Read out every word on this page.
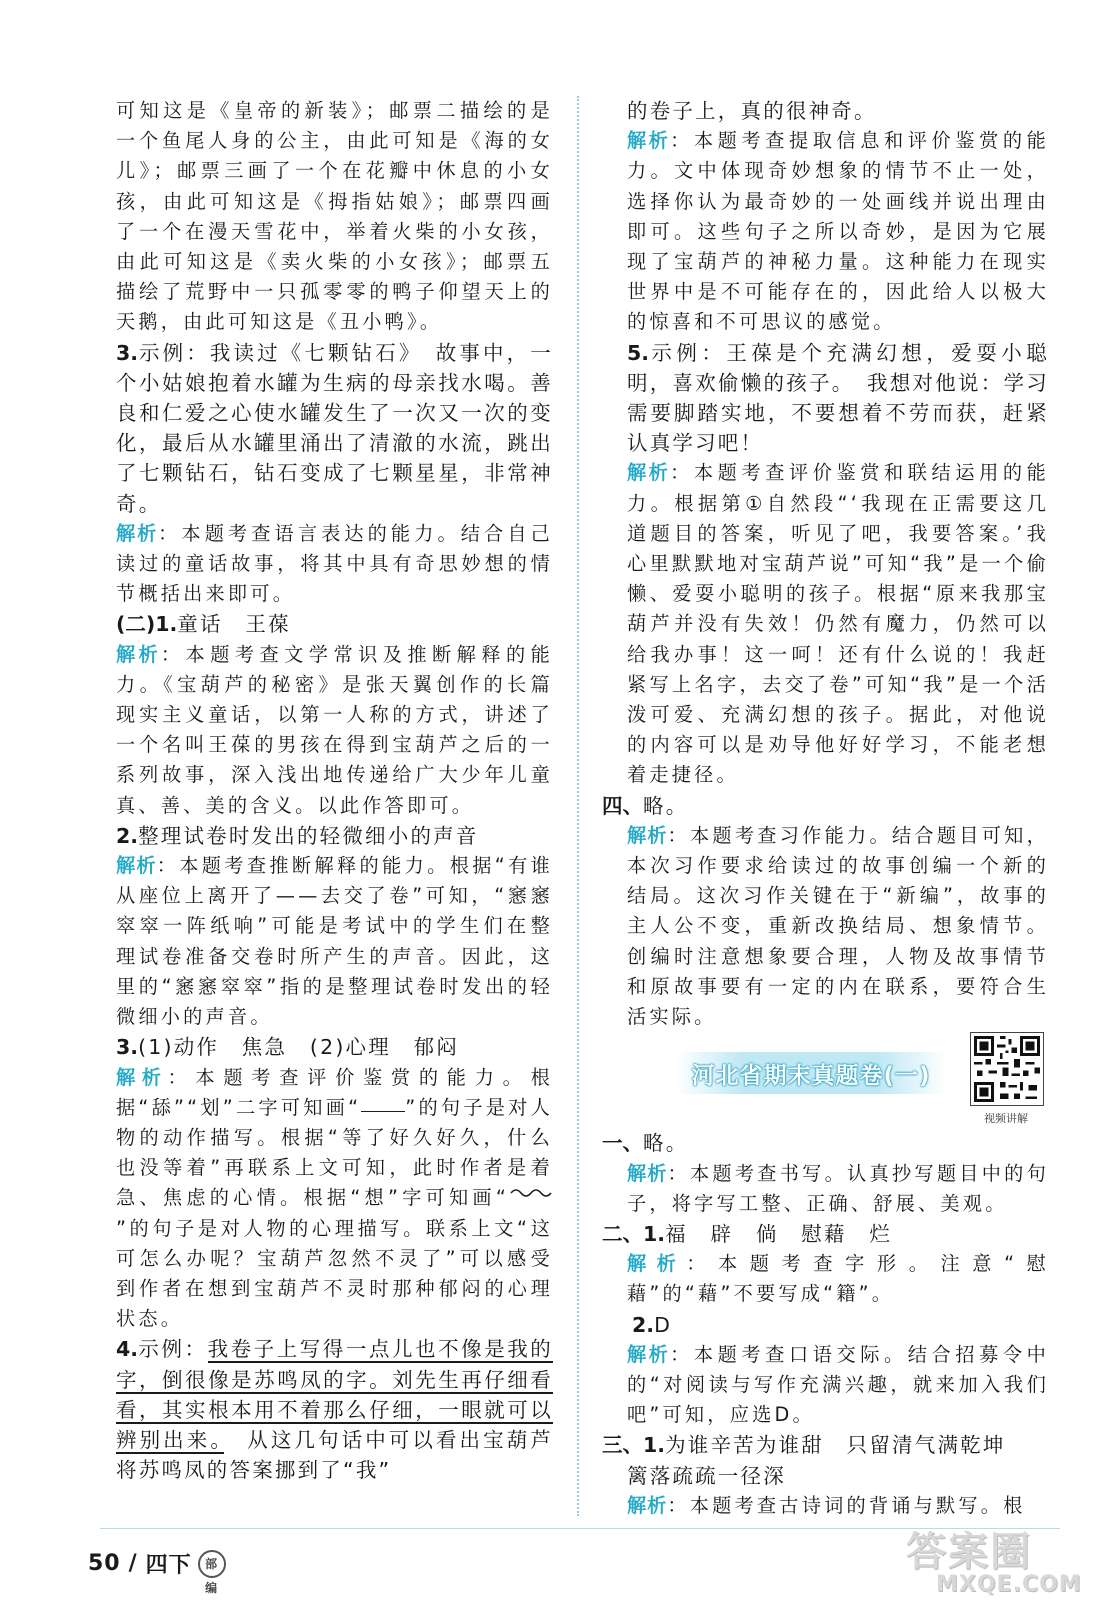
可知这是《皇帝的新装》；邮票二描绘的是一个鱼尾人身的公主，由此可知是《海的女儿》；邮票三画了一个在花瓣中休息的小女孩，由此可知这是《拇指姑娘》；邮票四画了一个在漫天雪花中，举着火柴的小女孩，由此可知这是《卖火柴的小女孩》；邮票五描绘了荒野中一只孤零零的鸭子仰望天上的天鹅，由此可知这是《丑小鸭》。

3.示例：我读过《七颗钻石》　故事中，一个小姑娘抱着水罐为生病的母亲找水喝。善良和仁爱之心使水罐发生了一次又一次的变化，最后从水罐里涌出了清澈的水流，跳出了七颗钻石，钻石变成了七颗星星，非常神奇。

解析：本题考查语言表达的能力。结合自己读过的童话故事，将其中具有奇思妙想的情节概括出来即可。

(二)1.童话　王葆

解析：本题考查文学常识及推断解释的能力。《宝葫芦的秘密》是张天翼创作的长篇现实主义童话，以第一人称的方式，讲述了一个名叫王葆的男孩在得到宝葫芦之后的一系列故事，深入浅出地传递给广大少年儿童真、善、美的含义。以此作答即可。

2.整理试卷时发出的轻微细小的声音

解析：本题考查推断解释的能力。根据“有谁从座位上离开了——去交了卷”可知，“窸窸窣窣一阵纸响”可能是考试中的学生们在整理试卷准备交卷时所产生的声音。因此，这里的“窸窸窣窣”指的是整理试卷时发出的轻微细小的声音。

3.(1)动作　焦急　(2)心理　郁闷

解析：本题考查评价鉴赏的能力。根据“舔”“划”二字可知画“ ”的句子是对人物的动作描写。根据“等了好久好久，什么也没等着”再联系上文可知，此时作者是着急、焦虑的心情。根据“想”字可知画“”的句子是对人物的心理描写。联系上文“这可怎么办呢？宝葫芦忽然不灵了”可以感受到作者在想到宝葫芦不灵时那种郁闷的心理状态。

4.示例：我卷子上写得一点儿也不像是我的字，倒很像是苏鸣凤的字。刘先生再仔细看看，其实根本用不着那么仔细，一眼就可以辨别出来。　从这几句话中可以看出宝葫芦将苏鸣凤的答案挪到了“我”

的卷子上，真的很神奇。

解析：本题考查提取信息和评价鉴赏的能力。文中体现奇妙想象的情节不止一处，选择你认为最奇妙的一处画线并说出理由即可。这些句子之所以奇妙，是因为它展现了宝葫芦的神秘力量。这种能力在现实世界中是不可能存在的，因此给人以极大的惊喜和不可思议的感觉。

5.示例：王葆是个充满幻想，爱耍小聪明，喜欢偷懒的孩子。　我想对他说：学习需要脚踏实地，不要想着不劳而获，赶紧认真学习吧！

解析：本题考查评价鉴赏和联结运用的能力。根据第①自然段“‘我现在正需要这几道题目的答案，听见了吧，我要答案。’我心里默默地对宝葫芦说”可知“我”是一个偷懒、爱耍小聪明的孩子。根据“原来我那宝葫芦并没有失效！仍然有魔力，仍然可以给我办事！这一呵！还有什么说的！我赶紧写上名字，去交了卷”可知“我”是一个活泼可爱、充满幻想的孩子。据此，对他说的内容可以是劝导他好好学习，不能老想着走捷径。

四、略。

解析：本题考查习作能力。结合题目可知，本次习作要求给读过的故事创编一个新的结局。这次习作关键在于“新编”，故事的主人公不变，重新改换结局、想象情节。创编时注意想象要合理，人物及故事情节和原故事要有一定的内在联系，要符合生活实际。

河北省期末真题卷(一)
视频讲解

一、略。

解析：本题考查书写。认真抄写题目中的句子，将字写工整、正确、舒展、美观。

二、1.福　辟　倘　慰藉　烂

解析：本题考查字形。注意“慰藉”的“藉”不要写成“籍”。

2.D

解析：本题考查口语交际。结合招募令中的“对阅读与写作充满兴趣，就来加入我们吧”可知，应选D。

三、1.为谁辛苦为谁甜　只留清气满乾坤

篱落疏疏一径深

解析：本题考查古诗词的背诵与默写。根

50 / 四下	部编
答案圈
MXQE.COM
